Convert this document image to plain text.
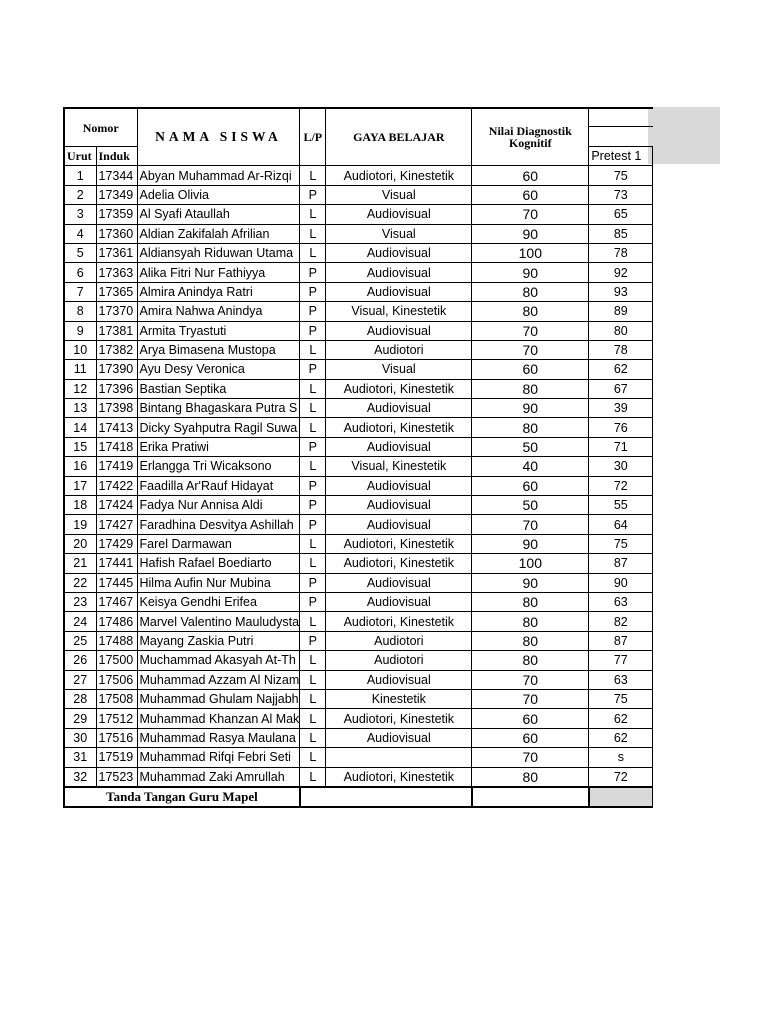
Nomor		NAMA SISWA	L/P	GAYA BELAJAR	Nilai Diagnostik
Kognitif	

Urut	Induk					Pretest 1
1	17344	Abyan Muhammad Ar-Rizqi	L	Audiotori, Kinestetik	60	75
2	17349	Adelia Olivia	P	Visual	60	73
3	17359	Al Syafi Ataullah	L	Audiovisual	70	65
4	17360	Aldian Zakifalah Afrilian	L	Visual	90	85
5	17361	Aldiansyah Riduwan Utama	L	Audiovisual	100	78
6	17363	Alika Fitri Nur Fathiyya	P	Audiovisual	90	92
7	17365	Almira Anindya Ratri	P	Audiovisual	80	93
8	17370	Amira Nahwa Anindya	P	Visual, Kinestetik	80	89
9	17381	Armita Tryastuti	P	Audiovisual	70	80
10	17382	Arya Bimasena Mustopa	L	Audiotori	70	78
11	17390	Ayu Desy Veronica	P	Visual	60	62
12	17396	Bastian Septika	L	Audiotori, Kinestetik	80	67
13	17398	Bintang Bhagaskara Putra S	L	Audiovisual	90	39
14	17413	Dicky Syahputra Ragil Suwa	L	Audiotori, Kinestetik	80	76
15	17418	Erika Pratiwi	P	Audiovisual	50	71
16	17419	Erlangga Tri Wicaksono	L	Visual, Kinestetik	40	30
17	17422	Faadilla Ar'Rauf Hidayat	P	Audiovisual	60	72
18	17424	Fadya Nur Annisa Aldi	P	Audiovisual	50	55
19	17427	Faradhina Desvitya Ashillah	P	Audiovisual	70	64
20	17429	Farel Darmawan	L	Audiotori, Kinestetik	90	75
21	17441	Hafish Rafael Boediarto	L	Audiotori, Kinestetik	100	87
22	17445	Hilma Aufin Nur Mubina	P	Audiovisual	90	90
23	17467	Keisya Gendhi Erifea	P	Audiovisual	80	63
24	17486	Marvel Valentino Mauludysta	L	Audiotori, Kinestetik	80	82
25	17488	Mayang Zaskia Putri	P	Audiotori	80	87
26	17500	Muchammad Akasyah At-Th	L	Audiotori	80	77
27	17506	Muhammad Azzam Al Nizam	L	Audiovisual	70	63
28	17508	Muhammad Ghulam Najjabh	L	Kinestetik	70	75
29	17512	Muhammad Khanzan Al Mak	L	Audiotori, Kinestetik	60	62
30	17516	Muhammad Rasya Maulana	L	Audiovisual	60	62
31	17519	Muhammad Rifqi Febri Seti	L		70	s
32	17523	Muhammad Zaki Amrullah	L	Audiotori, Kinestetik	80	72
Tanda Tangan Guru Mapel						
